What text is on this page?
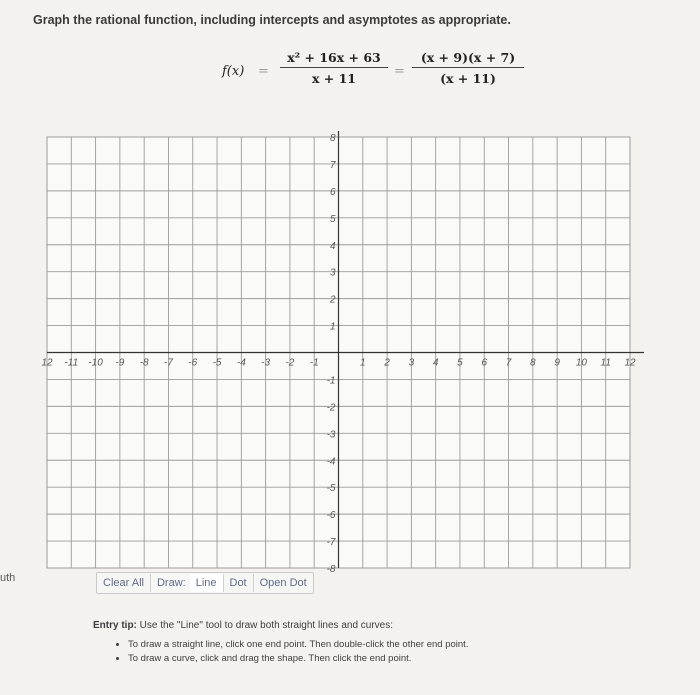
Graph the rational function, including intercepts and asymptotes as appropriate.
$f(x) = \frac{\text{x² + 16x + 63}}{x + 11} = \frac{(x + 9)(x + 7)}{(x + 11)}$
12 -11 -10 -9 -8 -7 -6 -5 -4 -3 -2 -1	1 2 3 4 5 6 7 8 9 10 11 12
8
7
6
5
4
3
2
1
-1
-2
-3
-4
-5
-6
-7
-8
uth	Clear All	Draw: Line	Dot	Open Dot
Entry tip: Use the "Line" tool to draw both straight lines and curves:
• To draw a straight line, click one end point. Then double-click the other end point.
• To draw a curve, click and drag the shape. Then click the end point.
